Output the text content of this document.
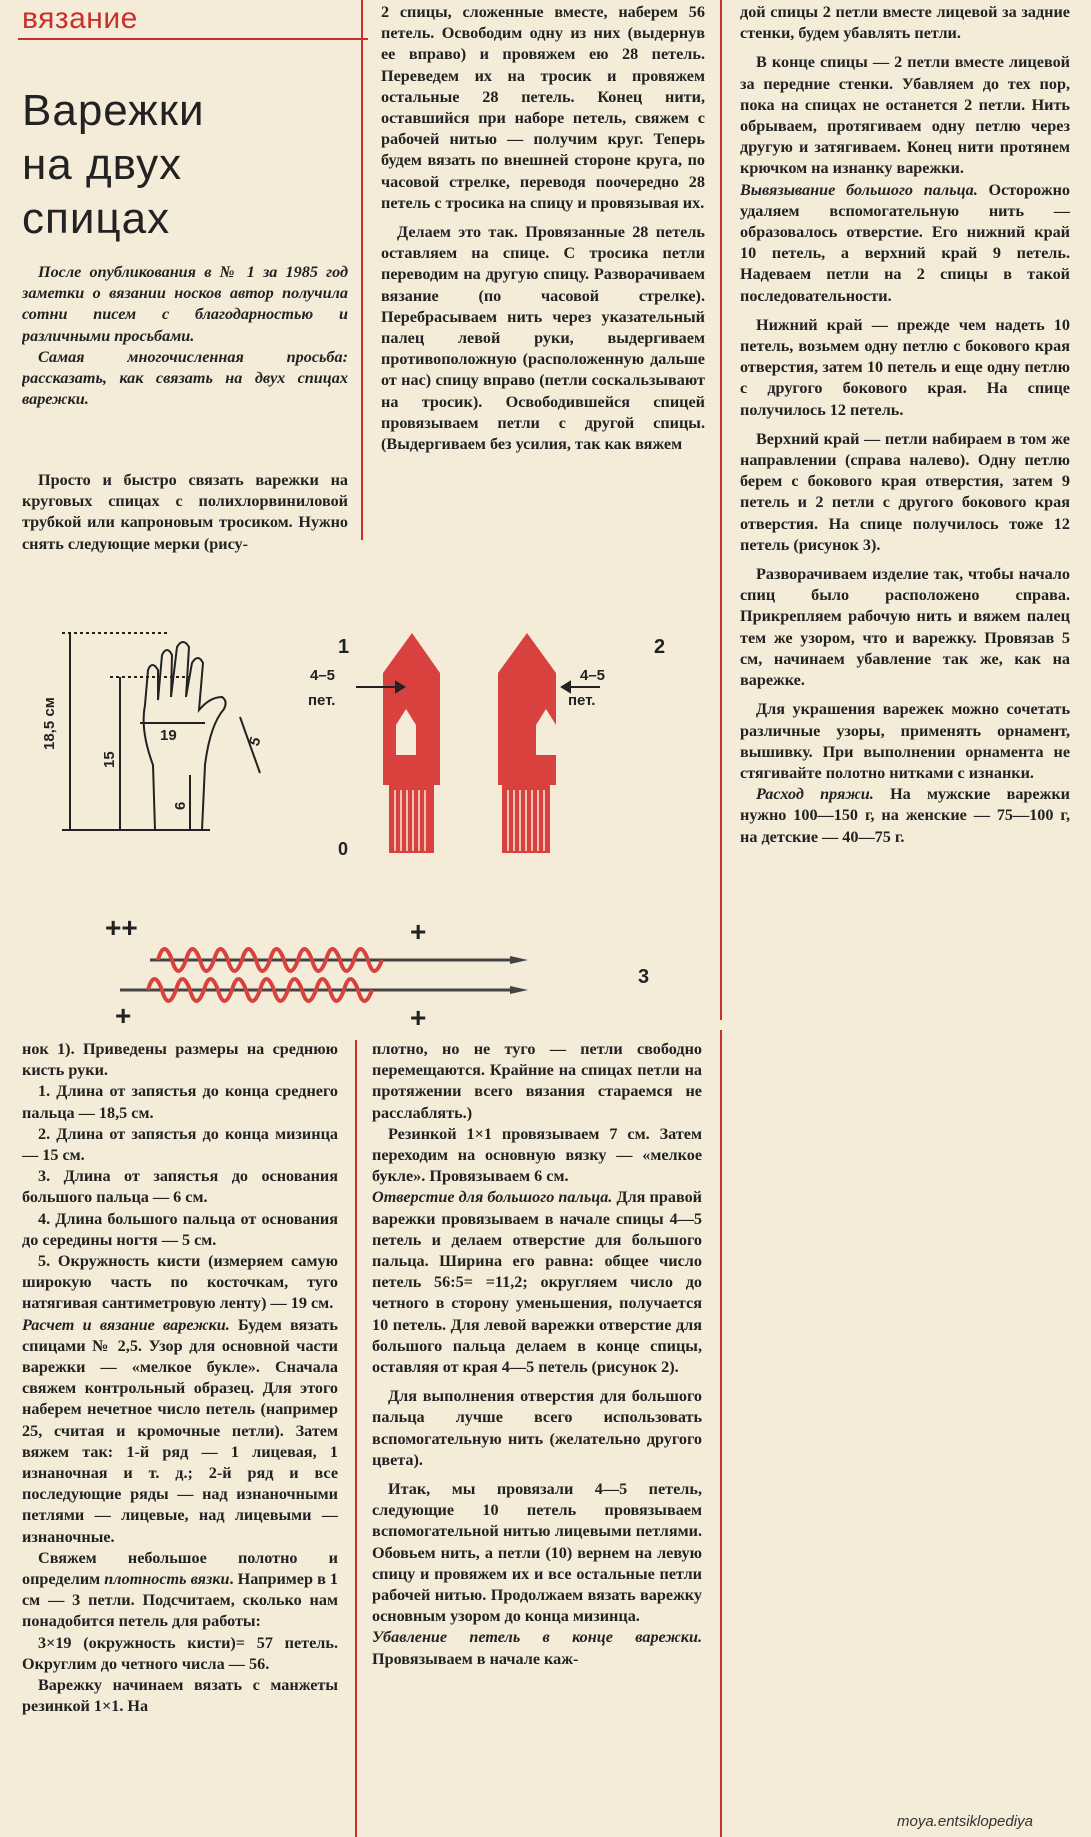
вязание
Варежки
на двух
спицах

После опубликования в № 1 за 1985 год заметки о вязании носков автор получила сотни писем с благодарностью и различными просьбами.

Самая многочисленная просьба: рассказать, как связать на двух спицах варежки.

Просто и быстро связать варежки на круговых спицах с полихлорвиниловой трубкой или капроновым тросиком. Нужно снять следующие мерки (рису-

2 спицы, сложенные вместе, наберем 56 петель. Освободим одну из них (выдернув ее вправо) и провяжем ею 28 петель. Переведем их на тросик и провяжем остальные 28 петель. Конец нити, оставшийся при наборе петель, свяжем с рабочей нитью — получим круг. Теперь будем вязать по внешней стороне круга, по часовой стрелке, переводя поочередно 28 петель с тросика на спицу и провязывая их.

Делаем это так. Провязанные 28 петель оставляем на спице. С тросика петли переводим на другую спицу. Разворачиваем вязание (по часовой стрелке). Перебрасываем нить через указательный палец левой руки, выдергиваем противоположную (расположенную дальше от нас) спицу вправо (петли соскальзывают на тросик). Освободившейся спицей провязываем петли с другой спицы. (Выдергиваем без усилия, так как вяжем

дой спицы 2 петли вместе лицевой за задние стенки, будем убавлять петли.

В конце спицы — 2 петли вместе лицевой за передние стенки. Убавляем до тех пор, пока на спицах не останется 2 петли. Нить обрываем, протягиваем одну петлю через другую и затягиваем. Конец нити протянем крючком на изнанку варежки.

Вывязывание большого пальца. Осторожно удаляем вспомогательную нить — образовалось отверстие. Его нижний край 10 петель, а верхний край 9 петель. Надеваем петли на 2 спицы в такой последовательности.

Нижний край — прежде чем надеть 10 петель, возьмем одну петлю с бокового края отверстия, затем 10 петель и еще одну петлю с другого бокового края. На спице получилось 12 петель.

Верхний край — петли набираем в том же направлении (справа налево). Одну петлю берем с бокового края отверстия, затем 9 петель и 2 петли с другого бокового края отверстия. На спице получилось тоже 12 петель (рисунок 3).

Разворачиваем изделие так, чтобы начало спиц было расположено справа. Прикрепляем рабочую нить и вяжем палец тем же узором, что и варежку. Провязав 5 см, начинаем убавление так же, как на варежке.

Для украшения варежек можно сочетать различные узоры, применять орнамент, вышивку. При выполнении орнамента не стягивайте полотно нитками с изнанки.

Расход пряжи. На мужские варежки нужно 100—150 г, на женские — 75—100 г, на детские — 40—75 г.

18,5 см
15
6
19	5
1	2
0
3
4–5
пет.
4–5
пет.
++	+
+	+

нок 1). Приведены размеры на среднюю кисть руки.

1. Длина от запястья до конца среднего пальца — 18,5 см.

2. Длина от запястья до конца мизинца — 15 см.

3. Длина от запястья до основания большого пальца — 6 см.

4. Длина большого пальца от основания до середины ногтя — 5 см.

5. Окружность кисти (измеряем самую широкую часть по косточкам, туго натягивая сантиметровую ленту) — 19 см.

Расчет и вязание варежки. Будем вязать спицами № 2,5. Узор для основной части варежки — «мелкое букле». Сначала свяжем контрольный образец. Для этого наберем нечетное число петель (например 25, считая и кромочные петли). Затем вяжем так: 1-й ряд — 1 лицевая, 1 изнаночная и т. д.; 2-й ряд и все последующие ряды — над изнаночными петлями — лицевые, над лицевыми — изнаночные.

Свяжем небольшое полотно и определим плотность вязки. Например в 1 см — 3 петли. Подсчитаем, сколько нам понадобится петель для работы:

3×19 (окружность кисти)= 57 петель. Округлим до четного числа — 56.

Варежку начинаем вязать с манжеты резинкой 1×1. На

плотно, но не туго — петли свободно перемещаются. Крайние на спицах петли на протяжении всего вязания стараемся не расслаблять.)

Резинкой 1×1 провязываем 7 см. Затем переходим на основную вязку — «мелкое букле». Провязываем 6 см.

Отверстие для большого пальца. Для правой варежки провязываем в начале спицы 4—5 петель и делаем отверстие для большого пальца. Ширина его равна: общее число петель 56:5= =11,2; округляем число до четного в сторону уменьшения, получается 10 петель. Для левой варежки отверстие для большого пальца делаем в конце спицы, оставляя от края 4—5 петель (рисунок 2).

Для выполнения отверстия для большого пальца лучше всего использовать вспомогательную нить (желательно другого цвета).

Итак, мы провязали 4—5 петель, следующие 10 петель провязываем вспомогательной нитью лицевыми петлями. Обовьем нить, а петли (10) вернем на левую спицу и провяжем их и все остальные петли рабочей нитью. Продолжаем вязать варежку основным узором до конца мизинца.

Убавление петель в конце варежки. Провязываем в начале каж-

moya.entsiklopediya
